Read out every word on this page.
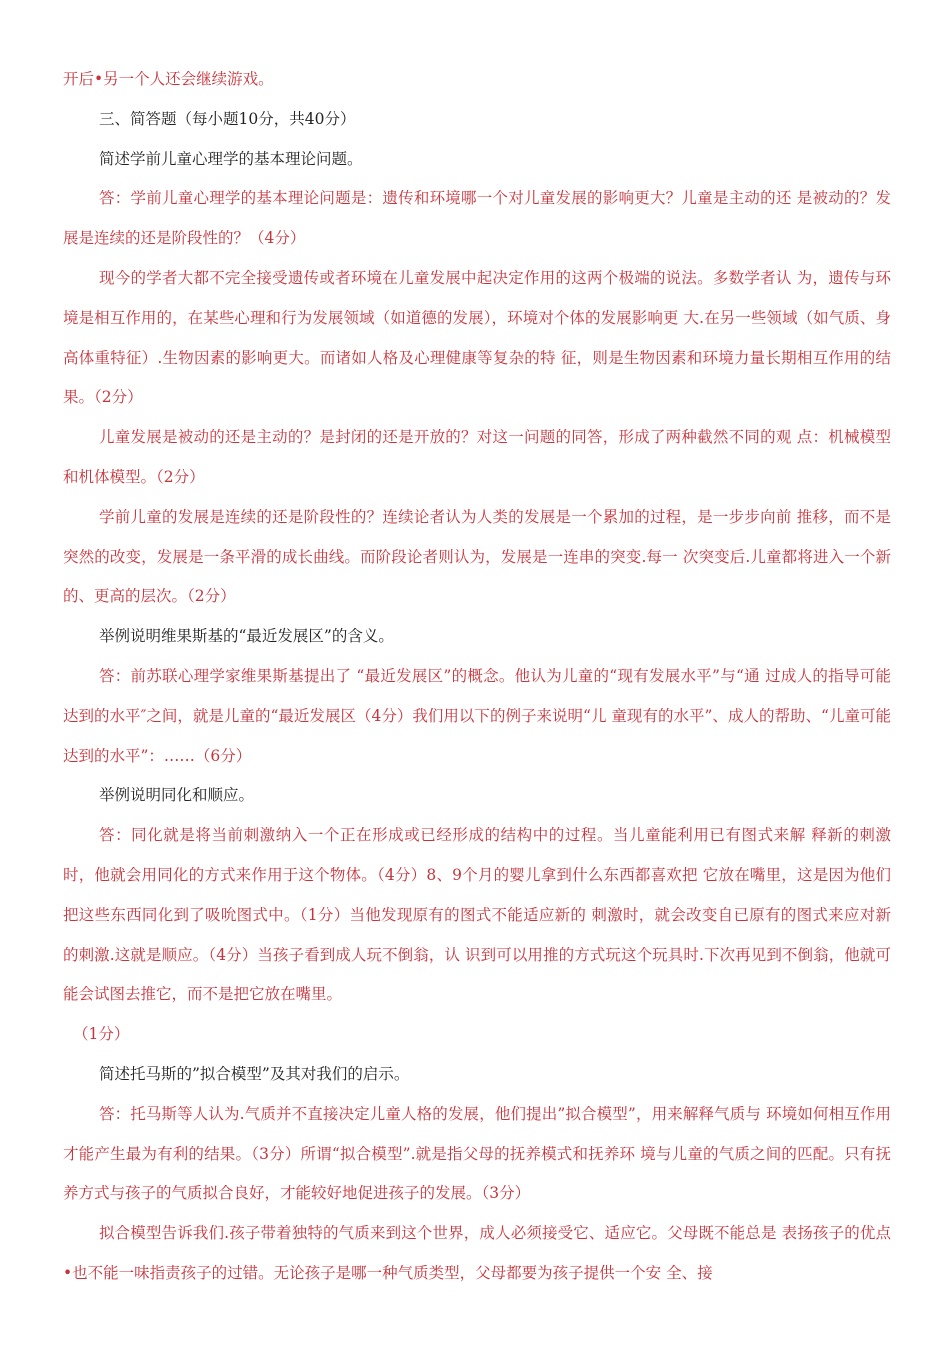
开后•另一个人还会继续游戏。

三、简答题（每小题10分，共40分）

简述学前儿童心理学的基本理论问题。

答：学前儿童心理学的基本理论问题是：遗传和环境哪一个对儿童发展的影响更大？儿童是主动的还 是被动的？发展是连续的还是阶段性的？（4分）

现今的学者大都不完全接受遗传或者环境在儿童发展中起决定作用的这两个极端的说法。多数学者认 为，遗传与环境是相互作用的，在某些心理和行为发展领域（如道德的发展），环境对个体的发展影响更 大.在另一些领域（如气质、身高体重特征）.生物因素的影响更大。而诸如人格及心理健康等复杂的特 征，则是生物因素和环境力量长期相互作用的结果。（2分）

儿童发展是被动的还是主动的？是封闭的还是开放的？对这一问题的同答，形成了两种截然不同的观 点：机械模型和机体模型。（2分）

学前儿童的发展是连续的还是阶段性的？连续论者认为人类的发展是一个累加的过程，是一步步向前 推移，而不是突然的改变，发展是一条平滑的成长曲线。而阶段论者则认为，发展是一连串的突变.每一 次突变后.儿童都将进入一个新的、更高的层次。（2分）

举例说明维果斯基的“最近发展区”的含义。

答：前苏联心理学家维果斯基提出了 “最近发展区”的概念。他认为儿童的“现有发展水平”与“通 过成人的指导可能达到的水平″之间，就是儿童的“最近发展区（4分）我们用以下的例子来说明“儿 童现有的水平”、成人的帮助、“儿童可能达到的水平”：……（6分）

举例说明同化和顺应。

答：同化就是将当前刺激纳入一个正在形成或已经形成的结构中的过程。当儿童能利用已有图式来解 释新的刺激时，他就会用同化的方式来作用于这个物体。（4分）8、9个月的婴儿拿到什么东西都喜欢把 它放在嘴里，这是因为他们把这些东西同化到了吸吮图式中。（1分）当他发现原有的图式不能适应新的 刺激时，就会改变自已原有的图式来应对新的刺激.这就是顺应。（4分）当孩子看到成人玩不倒翁，认 识到可以用推的方式玩这个玩具时.下次再见到不倒翁，他就可能会试图去推它，而不是把它放在嘴里。

（1分）

简述托马斯的”拟合模型”及其对我们的启示。

答：托马斯等人认为.气质并不直接决定儿童人格的发展，他们提出”拟合模型”，用来解释气质与 环境如何相互作用才能产生最为有利的结果。（3分）所谓“拟合模型”.就是指父母的抚养模式和抚养环 境与儿童的气质之间的匹配。只有抚养方式与孩子的气质拟合良好，才能较好地促进孩子的发展。（3分）

拟合模型告诉我们.孩子带着独特的气质来到这个世界，成人必须接受它、适应它。父母既不能总是 表扬孩子的优点•也不能一味指责孩子的过错。无论孩子是哪一种气质类型，父母都要为孩子提供一个安 全、接
